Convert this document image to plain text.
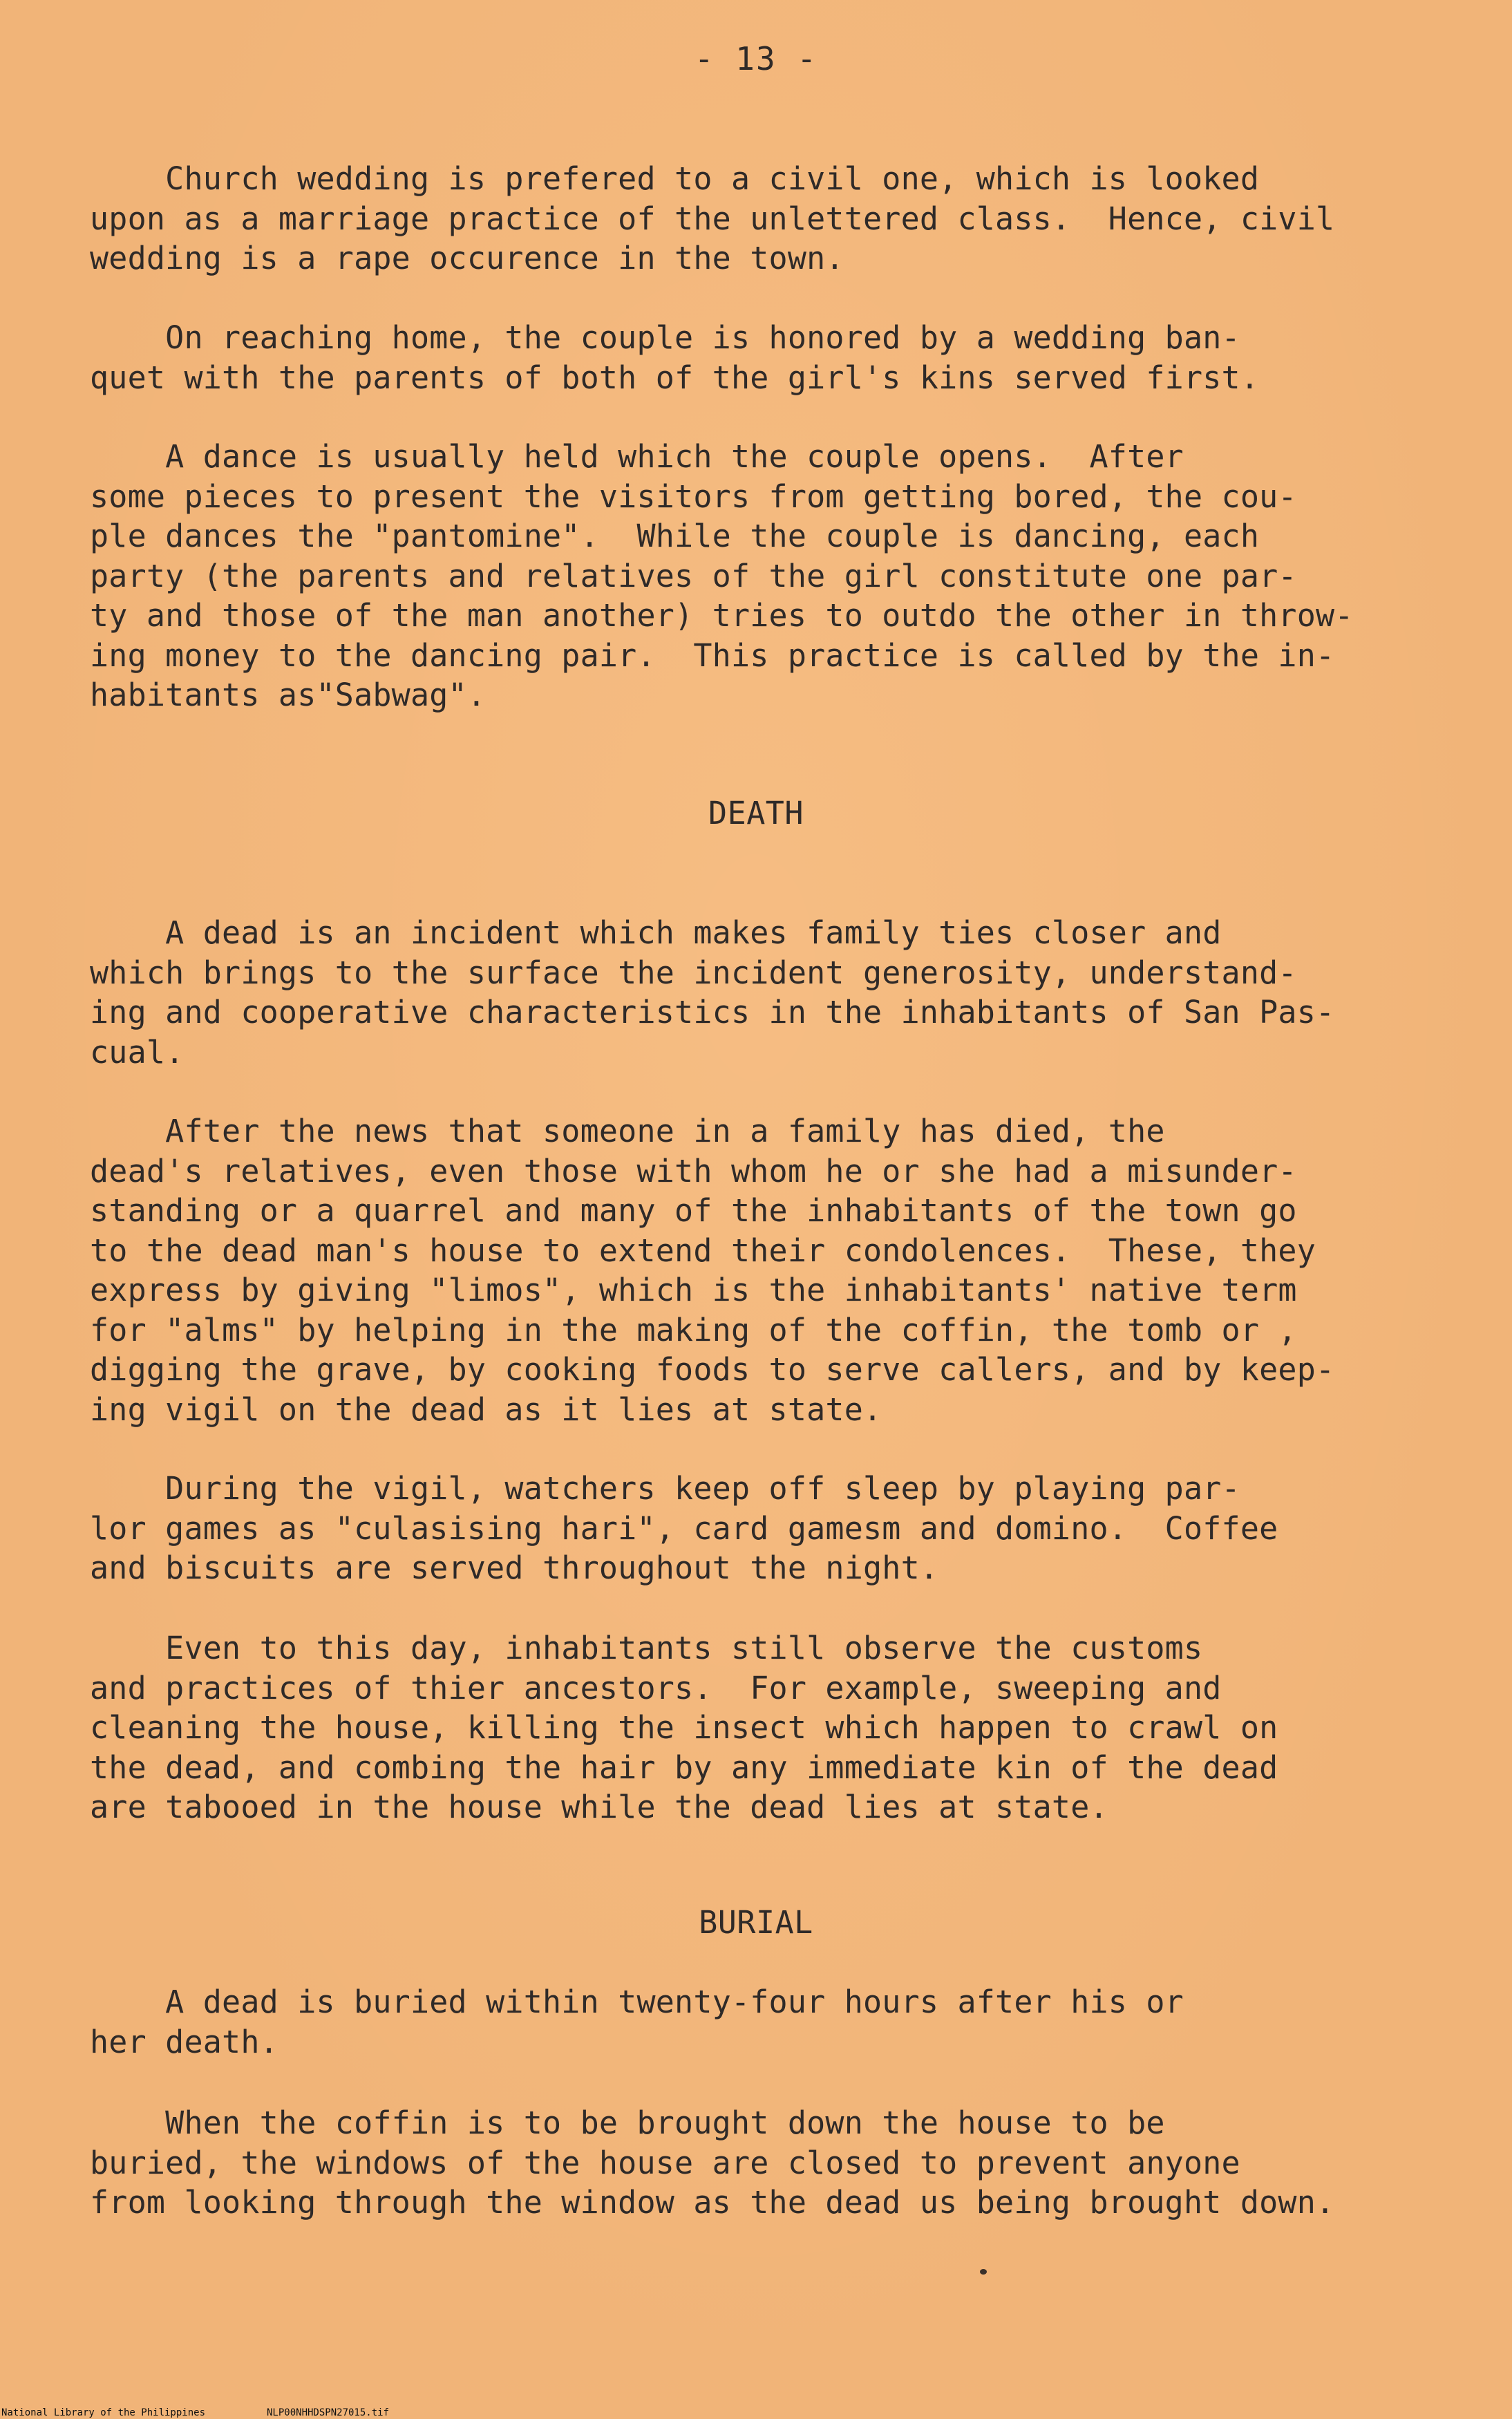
- 13 -

Church wedding is prefered to a civil one, which is looked
upon as a marriage practice of the unlettered class.  Hence, civil
wedding is a rape occurence in the town.

On reaching home, the couple is honored by a wedding ban-
quet with the parents of both of the girl's kins served first.

A dance is usually held which the couple opens.  After
some pieces to present the visitors from getting bored, the cou-
ple dances the "pantomine".  While the couple is dancing, each
party (the parents and relatives of the girl constitute one par-
ty and those of the man another) tries to outdo the other in throw-
ing money to the dancing pair.  This practice is called by the in-
habitants as"Sabwag".

DEATH

A dead is an incident which makes family ties closer and
which brings to the surface the incident generosity, understand-
ing and cooperative characteristics in the inhabitants of San Pas-
cual.

After the news that someone in a family has died, the
dead's relatives, even those with whom he or she had a misunder-
standing or a quarrel and many of the inhabitants of the town go
to the dead man's house to extend their condolences.  These, they
express by giving "limos", which is the inhabitants' native term
for "alms" by helping in the making of the coffin, the tomb or ,
digging the grave, by cooking foods to serve callers, and by keep-
ing vigil on the dead as it lies at state.

During the vigil, watchers keep off sleep by playing par-
lor games as "culasising hari", card gamesm and domino.  Coffee
and biscuits are served throughout the night.

Even to this day, inhabitants still observe the customs
and practices of thier ancestors.  For example, sweeping and
cleaning the house, killing the insect which happen to crawl on
the dead, and combing the hair by any immediate kin of the dead
are tabooed in the house while the dead lies at state.

BURIAL

A dead is buried within twenty-four hours after his or
her death.

When the coffin is to be brought down the house to be
buried, the windows of the house are closed to prevent anyone
from looking through the window as the dead us being brought down.

National Library of the Philippines	NLP00NHHDSPN27015.tif
